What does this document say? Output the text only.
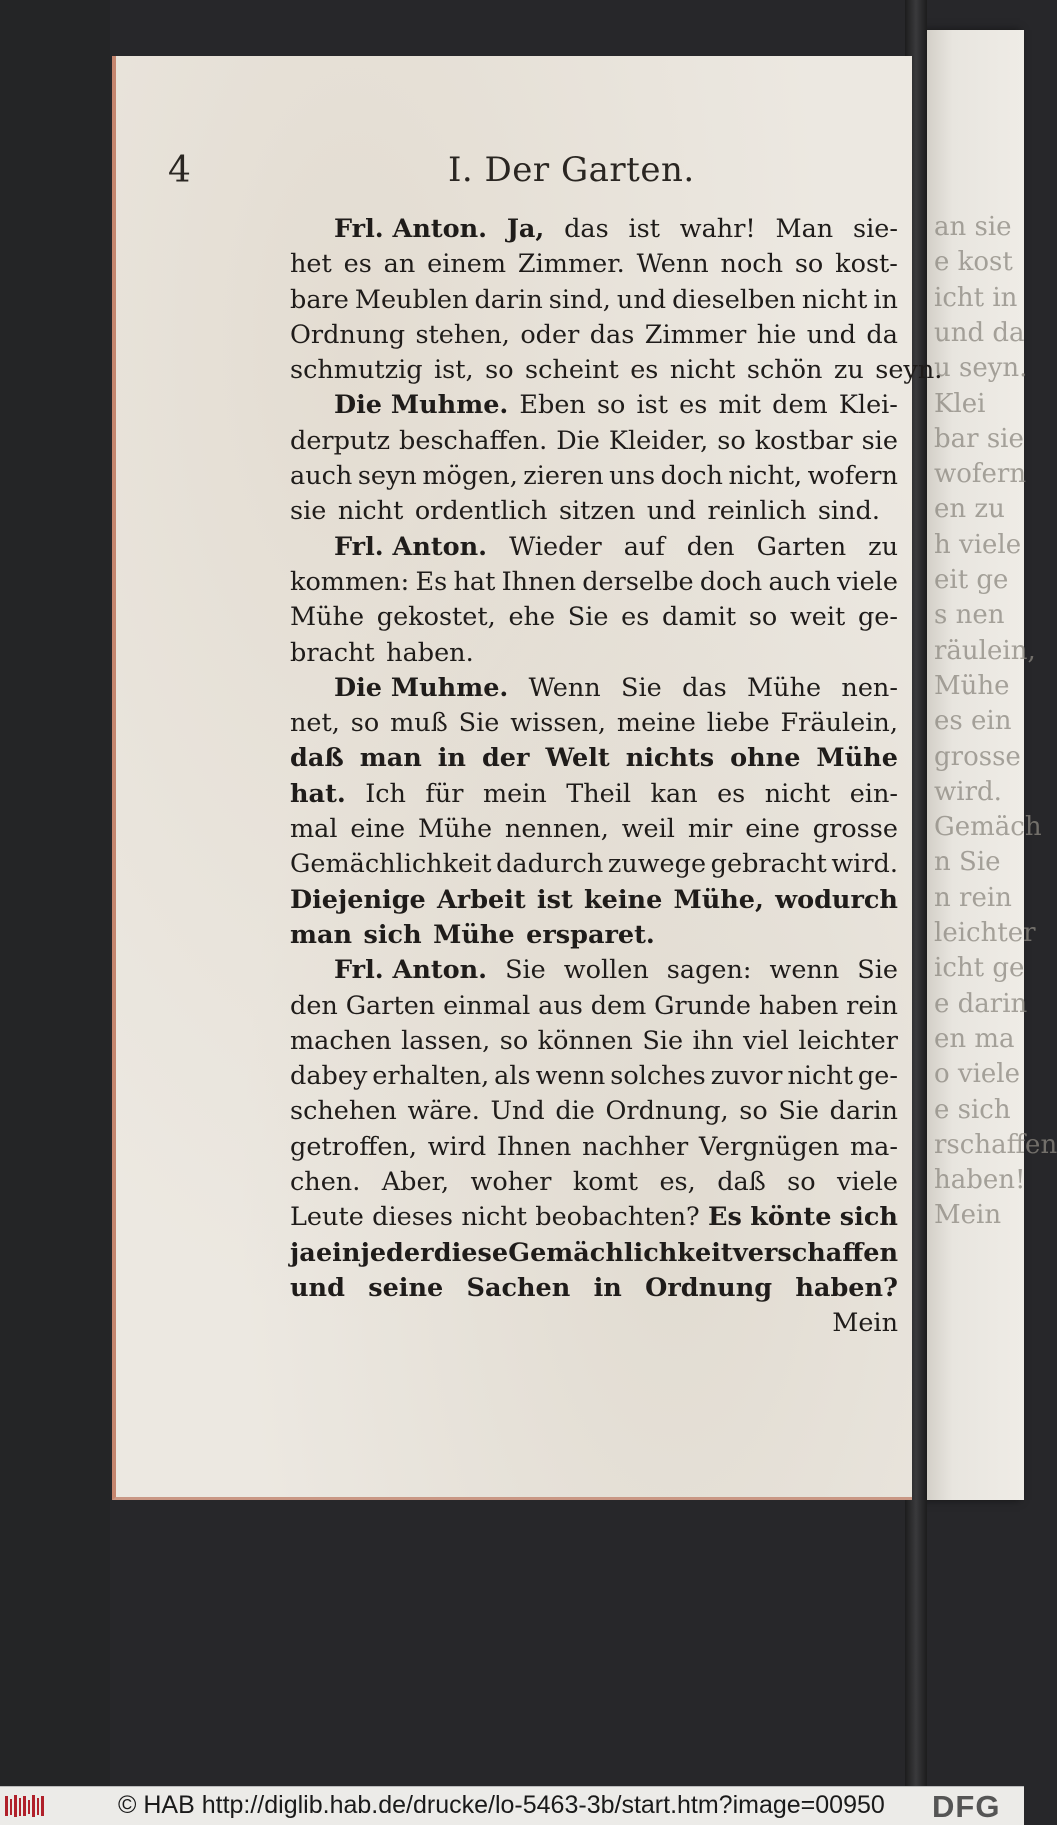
an sie
e kost
icht in
und da
u seyn.
Klei
bar sie
wofern
en zu
h viele
eit ge
s nen
räulein,
Mühe
es ein
grosse
wird.
Gemäch
n Sie
n rein
leichter
icht ge
e darin
en ma
o viele
e sich
rschaffen
haben!
Mein
4	I. Der Garten.
Frl. Anton. Ja, das ist wahr! Man sie-
het es an einem Zimmer. Wenn noch so kost-
bare Meublen darin sind, und dieselben nicht in
Ordnung stehen, oder das Zimmer hie und da
schmutzig ist, so scheint es nicht schön zu seyn.
Die Muhme. Eben so ist es mit dem Klei-
derputz beschaffen. Die Kleider, so kostbar sie
auch seyn mögen, zieren uns doch nicht, wofern
sie nicht ordentlich sitzen und reinlich sind.
Frl. Anton. Wieder auf den Garten zu
kommen: Es hat Ihnen derselbe doch auch viele
Mühe gekostet, ehe Sie es damit so weit ge-
bracht haben.
Die Muhme. Wenn Sie das Mühe nen-
net, so muß Sie wissen, meine liebe Fräulein,
daß man in der Welt nichts ohne Mühe
hat. Ich für mein Theil kan es nicht ein-
mal eine Mühe nennen, weil mir eine grosse
Gemächlichkeit dadurch zuwege gebracht wird.
Diejenige Arbeit ist keine Mühe, wodurch
man sich Mühe ersparet.
Frl. Anton. Sie wollen sagen: wenn Sie
den Garten einmal aus dem Grunde haben rein
machen lassen, so können Sie ihn viel leichter
dabey erhalten, als wenn solches zuvor nicht ge-
schehen wäre. Und die Ordnung, so Sie darin
getroffen, wird Ihnen nachher Vergnügen ma-
chen. Aber, woher komt es, daß so viele
Leute dieses nicht beobachten? Es könte sich
ja ein jeder diese Gemächlichkeit verschaffen
und seine Sachen in Ordnung haben?
Mein
© HAB http://diglib.hab.de/drucke/lo-5463-3b/start.htm?image=00950 DFG
